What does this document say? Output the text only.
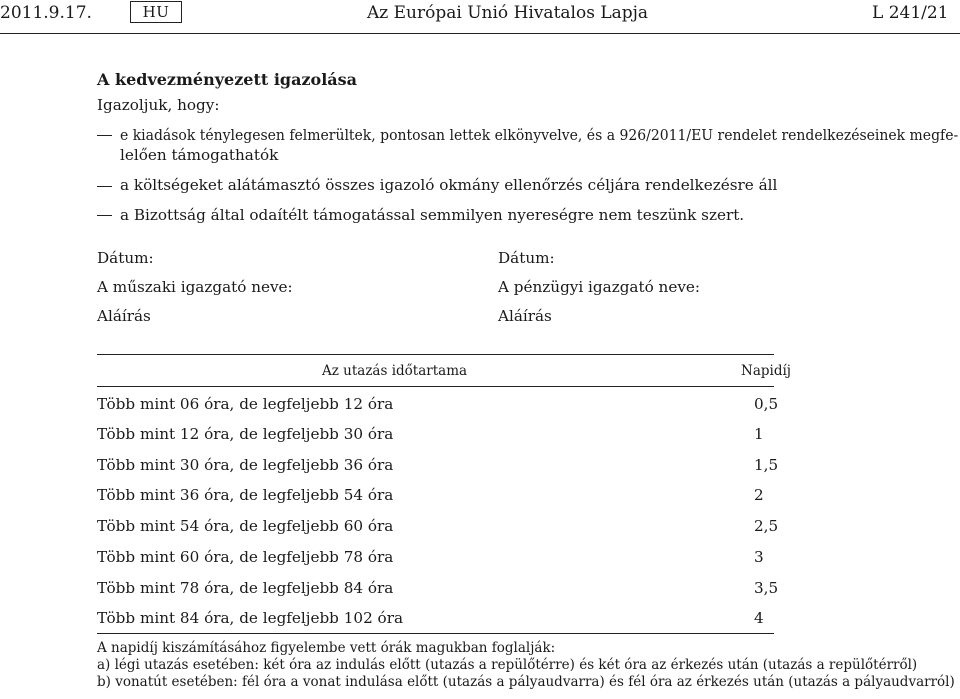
2011.9.17.	HU	Az Európai Unió Hivatalos Lapja	L 241/21
A kedvezményezett igazolása
Igazoljuk, hogy:
e kiadások ténylegesen felmerültek, pontosan lettek elkönyvelve, és a 926/2011/EU rendelet rendelkezéseinek megfe-
lelően támogathatók
a költségeket alátámasztó összes igazoló okmány ellenőrzés céljára rendelkezésre áll
a Bizottság által odaítélt támogatással semmilyen nyereségre nem teszünk szert.
Dátum:
A műszaki igazgató neve:
Aláírás
Dátum:
A pénzügyi igazgató neve:
Aláírás
Az utazás időtartama	Napidíj
Több mint 06 óra, de legfeljebb 12 óra	0,5
Több mint 12 óra, de legfeljebb 30 óra	1
Több mint 30 óra, de legfeljebb 36 óra	1,5
Több mint 36 óra, de legfeljebb 54 óra	2
Több mint 54 óra, de legfeljebb 60 óra	2,5
Több mint 60 óra, de legfeljebb 78 óra	3
Több mint 78 óra, de legfeljebb 84 óra	3,5
Több mint 84 óra, de legfeljebb 102 óra	4
A napidíj kiszámításához figyelembe vett órák magukban foglalják:
a) légi utazás esetében: két óra az indulás előtt (utazás a repülőtérre) és két óra az érkezés után (utazás a repülőtérről)
b) vonatút esetében: fél óra a vonat indulása előtt (utazás a pályaudvarra) és fél óra az érkezés után (utazás a pályaudvarról)
